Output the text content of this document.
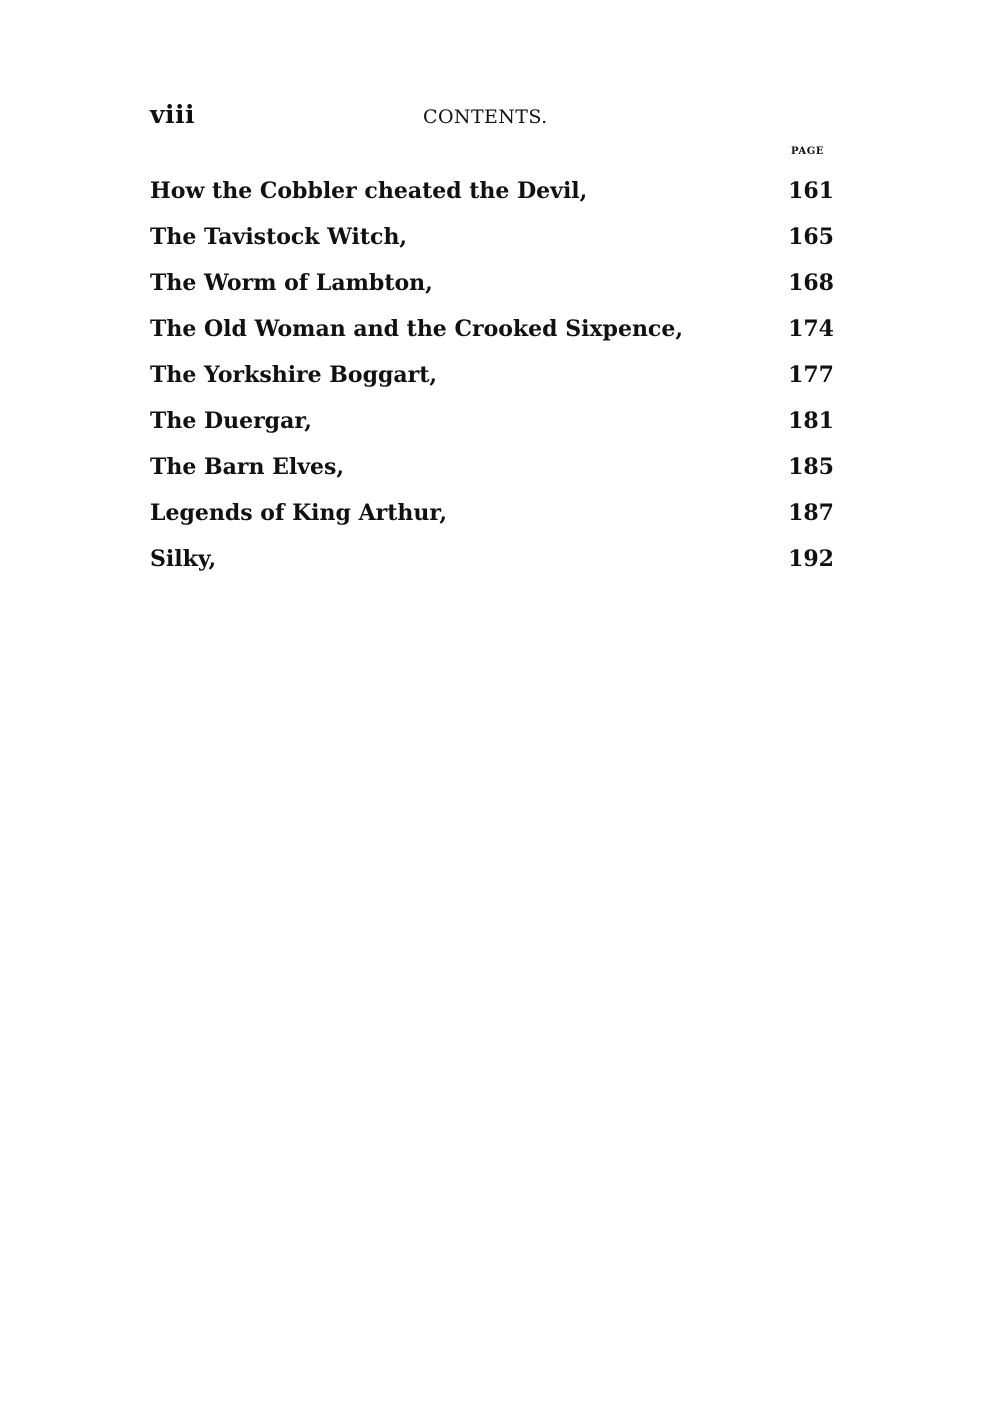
viii	CONTENTS.
PAGE
How the Cobbler cheated the Devil,	161
The Tavistock Witch,	165
The Worm of Lambton,	168
The Old Woman and the Crooked Sixpence,	174
The Yorkshire Boggart,	177
The Duergar,	181
The Barn Elves,	185
Legends of King Arthur,	187
Silky,	192
